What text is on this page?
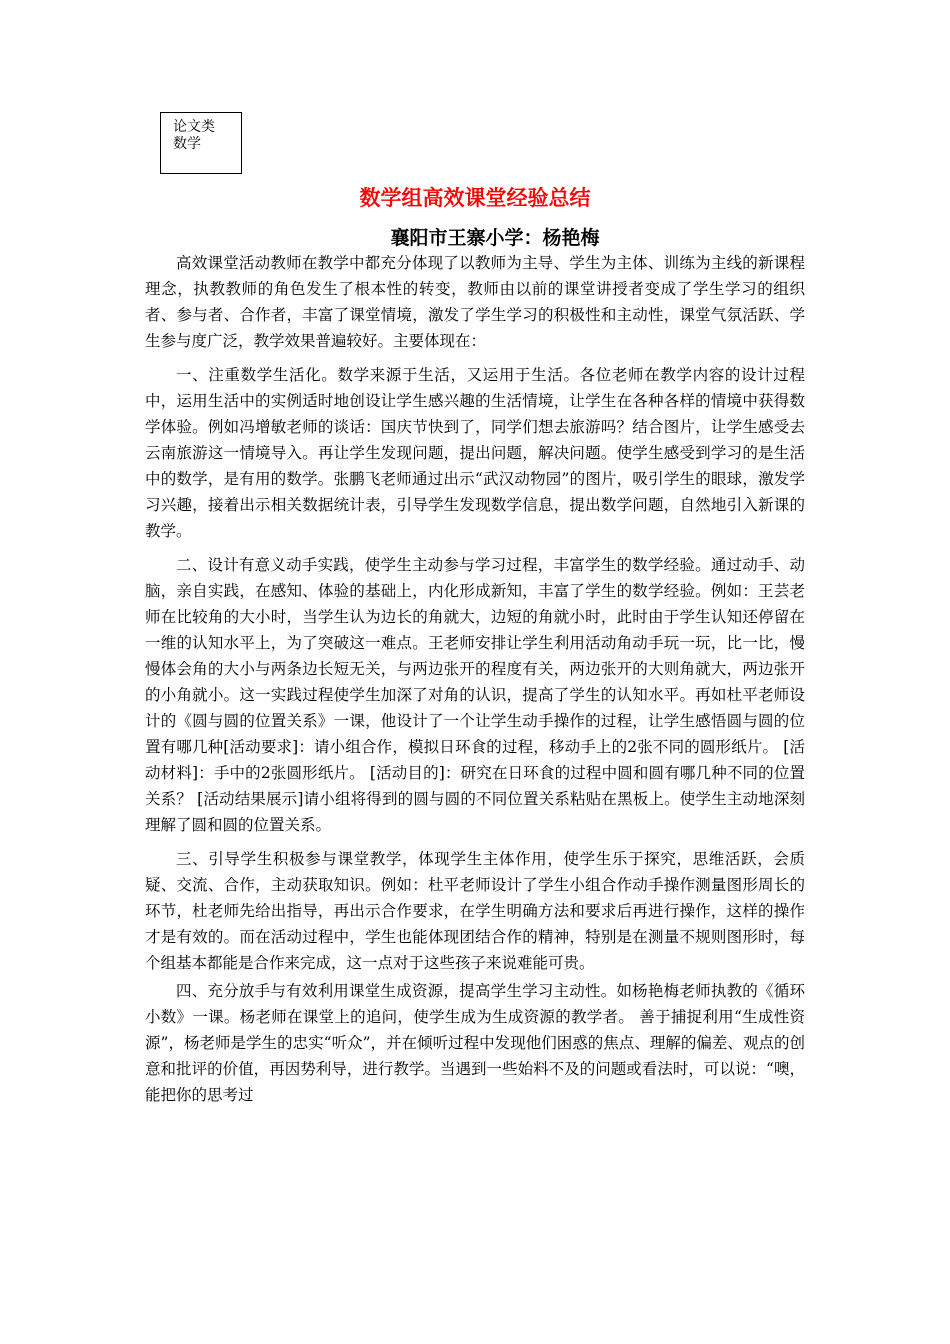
论文类
数学
数学组高效课堂经验总结
襄阳市王寨小学：杨艳梅

高效课堂活动教师在教学中都充分体现了以教师为主导、学生为主体、训练为主线的新课程理念，执教教师的角色发生了根本性的转变，教师由以前的课堂讲授者变成了学生学习的组织者、参与者、合作者，丰富了课堂情境，激发了学生学习的积极性和主动性，课堂气氛活跃、学生参与度广泛，教学效果普遍较好。主要体现在：

一、注重数学生活化。数学来源于生活，又运用于生活。各位老师在教学内容的设计过程中，运用生活中的实例适时地创设让学生感兴趣的生活情境，让学生在各种各样的情境中获得数学体验。例如冯增敏老师的谈话：国庆节快到了，同学们想去旅游吗？结合图片，让学生感受去云南旅游这一情境导入。再让学生发现问题，提出问题，解决问题。使学生感受到学习的是生活中的数学，是有用的数学。张鹏飞老师通过出示“武汉动物园”的图片，吸引学生的眼球，激发学习兴趣，接着出示相关数据统计表，引导学生发现数学信息，提出数学问题，自然地引入新课的教学。

二、设计有意义动手实践，使学生主动参与学习过程，丰富学生的数学经验。通过动手、动脑，亲自实践，在感知、体验的基础上，内化形成新知，丰富了学生的数学经验。例如：王芸老师在比较角的大小时，当学生认为边长的角就大，边短的角就小时，此时由于学生认知还停留在一维的认知水平上，为了突破这一难点。王老师安排让学生利用活动角动手玩一玩，比一比，慢慢体会角的大小与两条边长短无关，与两边张开的程度有关，两边张开的大则角就大，两边张开的小角就小。这一实践过程使学生加深了对角的认识，提高了学生的认知水平。再如杜平老师设计的《圆与圆的位置关系》一课，他设计了一个让学生动手操作的过程，让学生感悟圆与圆的位置有哪几种[活动要求]：请小组合作，模拟日环食的过程，移动手上的2张不同的圆形纸片。 [活动材料]：手中的2张圆形纸片。 [活动目的]：研究在日环食的过程中圆和圆有哪几种不同的位置关系？ [活动结果展示]请小组将得到的圆与圆的不同位置关系粘贴在黑板上。使学生主动地深刻理解了圆和圆的位置关系。

三、引导学生积极参与课堂教学，体现学生主体作用，使学生乐于探究，思维活跃，会质疑、交流、合作，主动获取知识。例如：杜平老师设计了学生小组合作动手操作测量图形周长的环节，杜老师先给出指导，再出示合作要求，在学生明确方法和要求后再进行操作，这样的操作才是有效的。而在活动过程中，学生也能体现团结合作的精神，特别是在测量不规则图形时，每个组基本都能是合作来完成，这一点对于这些孩子来说难能可贵。

四、充分放手与有效利用课堂生成资源，提高学生学习主动性。如杨艳梅老师执教的《循环小数》一课。杨老师在课堂上的追问，使学生成为生成资源的教学者。 善于捕捉利用“生成性资源”，杨老师是学生的忠实“听众”，并在倾听过程中发现他们困惑的焦点、理解的偏差、观点的创意和批评的价值，再因势利导，进行教学。当遇到一些始料不及的问题或看法时，可以说：“噢，能把你的思考过
